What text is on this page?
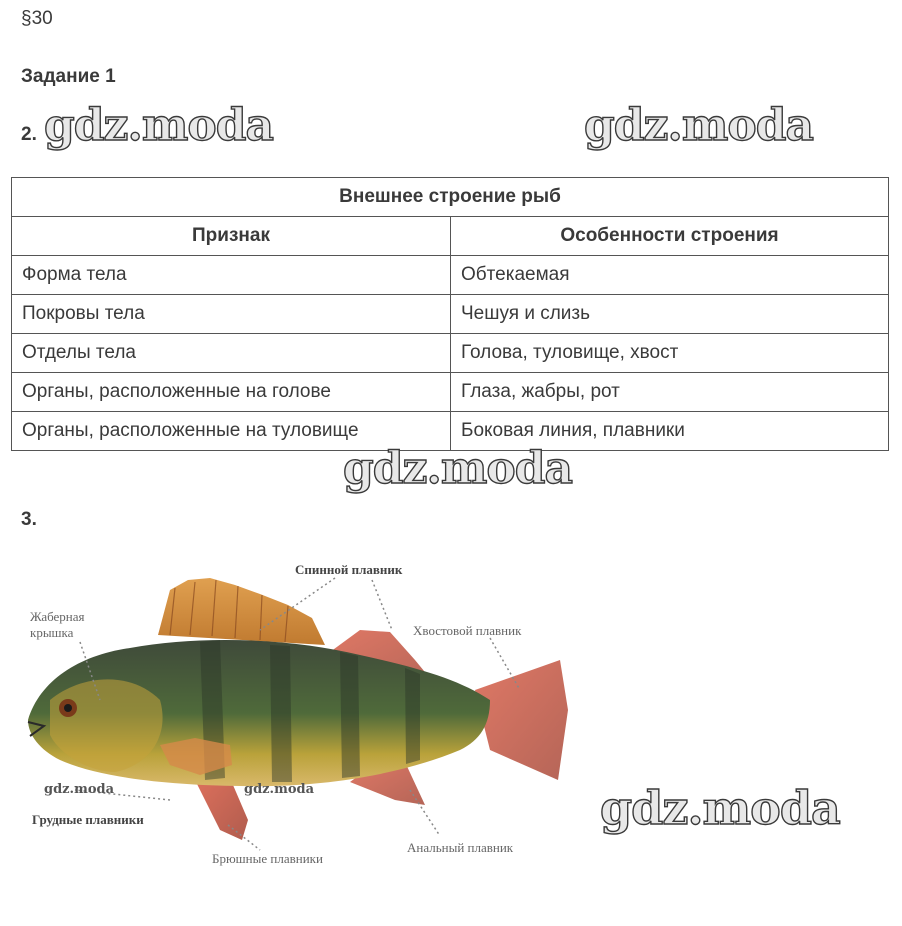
§30
Задание 1
2. gdz.moda	gdz.moda
Внешнее строение рыб	
Признак	Особенности строения
Форма тела	Обтекаемая
Покровы тела	Чешуя и слизь
Отделы тела	Голова, туловище, хвост
Органы, расположенные на голове	Глаза, жабры, рот
Органы, расположенные на туловище	Боковая линия, плавники
gdz.moda
3.
Спинной плавник
Жаберная
крышка	Хвостовой плавник
Грудные плавники
Брюшные плавники
Анальный плавник
gdz.moda	gdz.moda	gdz.moda
